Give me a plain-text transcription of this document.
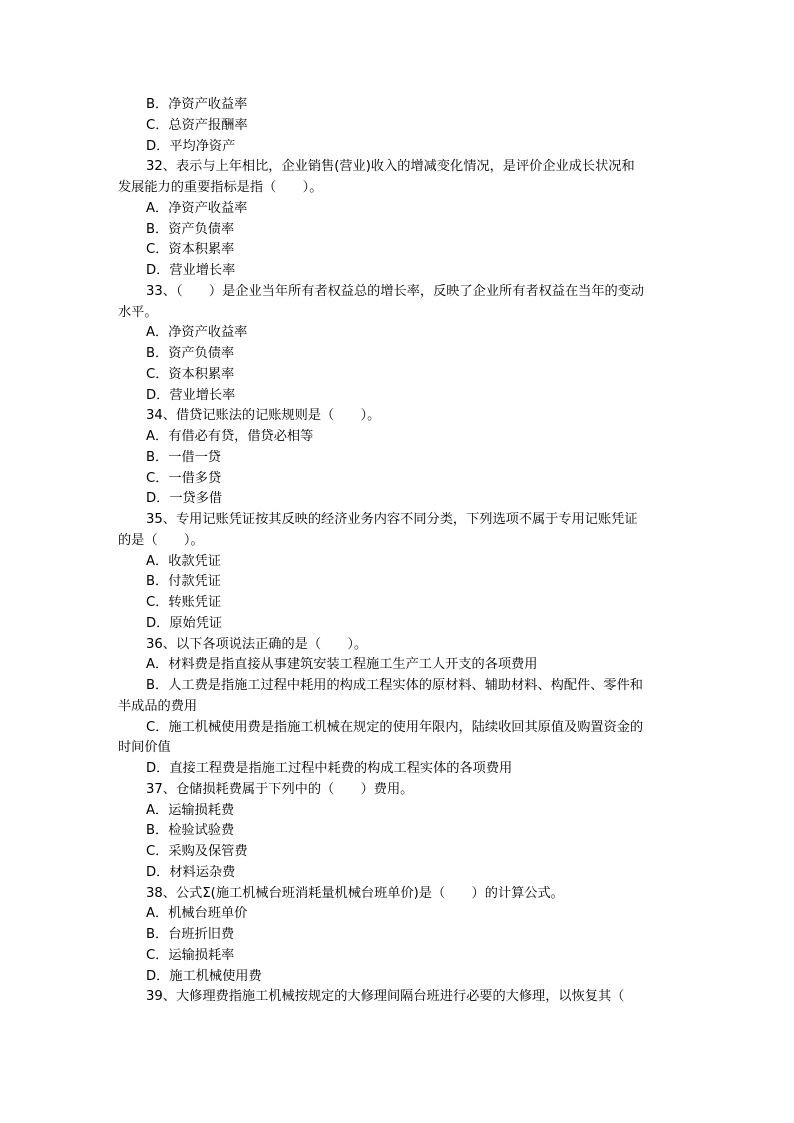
B．净资产收益率
C．总资产报酬率
D．平均净资产
32、表示与上年相比，企业销售(营业)收入的增减变化情况，是评价企业成长状况和
发展能力的重要指标是指（　　）。
A．净资产收益率
B．资产负债率
C．资本积累率
D．营业增长率
33、（　　）是企业当年所有者权益总的增长率，反映了企业所有者权益在当年的变动
水平。
A．净资产收益率
B．资产负债率
C．资本积累率
D．营业增长率
34、借贷记账法的记账规则是（　　）。
A．有借必有贷，借贷必相等
B．一借一贷
C．一借多贷
D．一贷多借
35、专用记账凭证按其反映的经济业务内容不同分类，下列选项不属于专用记账凭证
的是（　　）。
A．收款凭证
B．付款凭证
C．转账凭证
D．原始凭证
36、以下各项说法正确的是（　　）。
A．材料费是指直接从事建筑安装工程施工生产工人开支的各项费用
B．人工费是指施工过程中耗用的构成工程实体的原材料、辅助材料、构配件、零件和
半成品的费用
C．施工机械使用费是指施工机械在规定的使用年限内，陆续收回其原值及购置资金的
时间价值
D．直接工程费是指施工过程中耗费的构成工程实体的各项费用
37、仓储损耗费属于下列中的（　　）费用。
A．运输损耗费
B．检验试验费
C．采购及保管费
D．材料运杂费
38、公式Σ(施工机械台班消耗量机械台班单价)是（　　）的计算公式。
A．机械台班单价
B．台班折旧费
C．运输损耗率
D．施工机械使用费
39、大修理费指施工机械按规定的大修理间隔台班进行必要的大修理，以恢复其（
